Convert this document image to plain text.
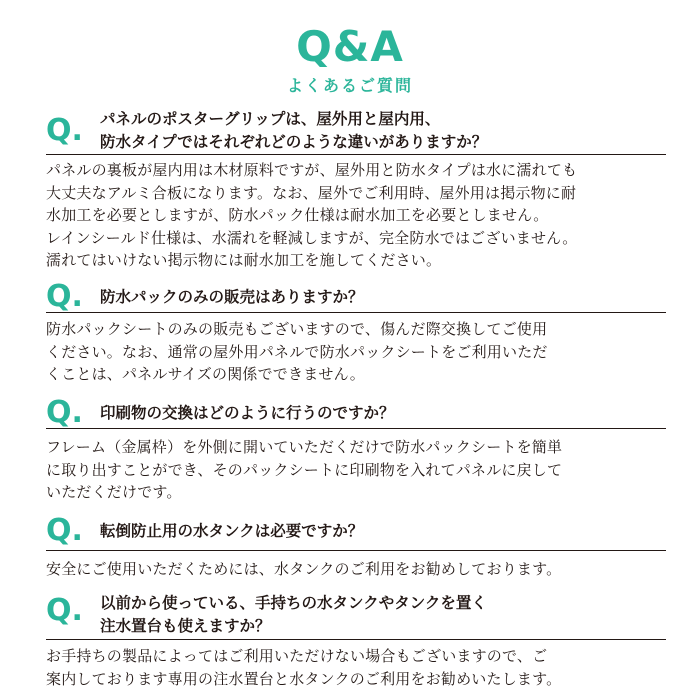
Q&A
よくあるご質問
Q. パネルのポスターグリップは、屋外用と屋内用、
防水タイプではそれぞれどのような違いがありますか？
パネルの裏板が屋内用は木材原料ですが、屋外用と防水タイプは水に濡れても
大丈夫なアルミ合板になります。なお、屋外でご利用時、屋外用は掲示物に耐
水加工を必要としますが、防水パック仕様は耐水加工を必要としません。
レインシールド仕様は、水濡れを軽減しますが、完全防水ではございません。
濡れてはいけない掲示物には耐水加工を施してください。
Q. 防水パックのみの販売はありますか？
防水パックシートのみの販売もございますので、傷んだ際交換してご使用
ください。なお、通常の屋外用パネルで防水パックシートをご利用いただ
くことは、パネルサイズの関係でできません。
Q. 印刷物の交換はどのように行うのですか？
フレーム（金属枠）を外側に開いていただくだけで防水パックシートを簡単
に取り出すことができ、そのパックシートに印刷物を入れてパネルに戻して
いただくだけです。
Q. 転倒防止用の水タンクは必要ですか？
安全にご使用いただくためには、水タンクのご利用をお勧めしております。
Q. 以前から使っている、手持ちの水タンクやタンクを置く
注水置台も使えますか？
お手持ちの製品によってはご利用いただけない場合もございますので、ご
案内しております専用の注水置台と水タンクのご利用をお勧めいたします。
